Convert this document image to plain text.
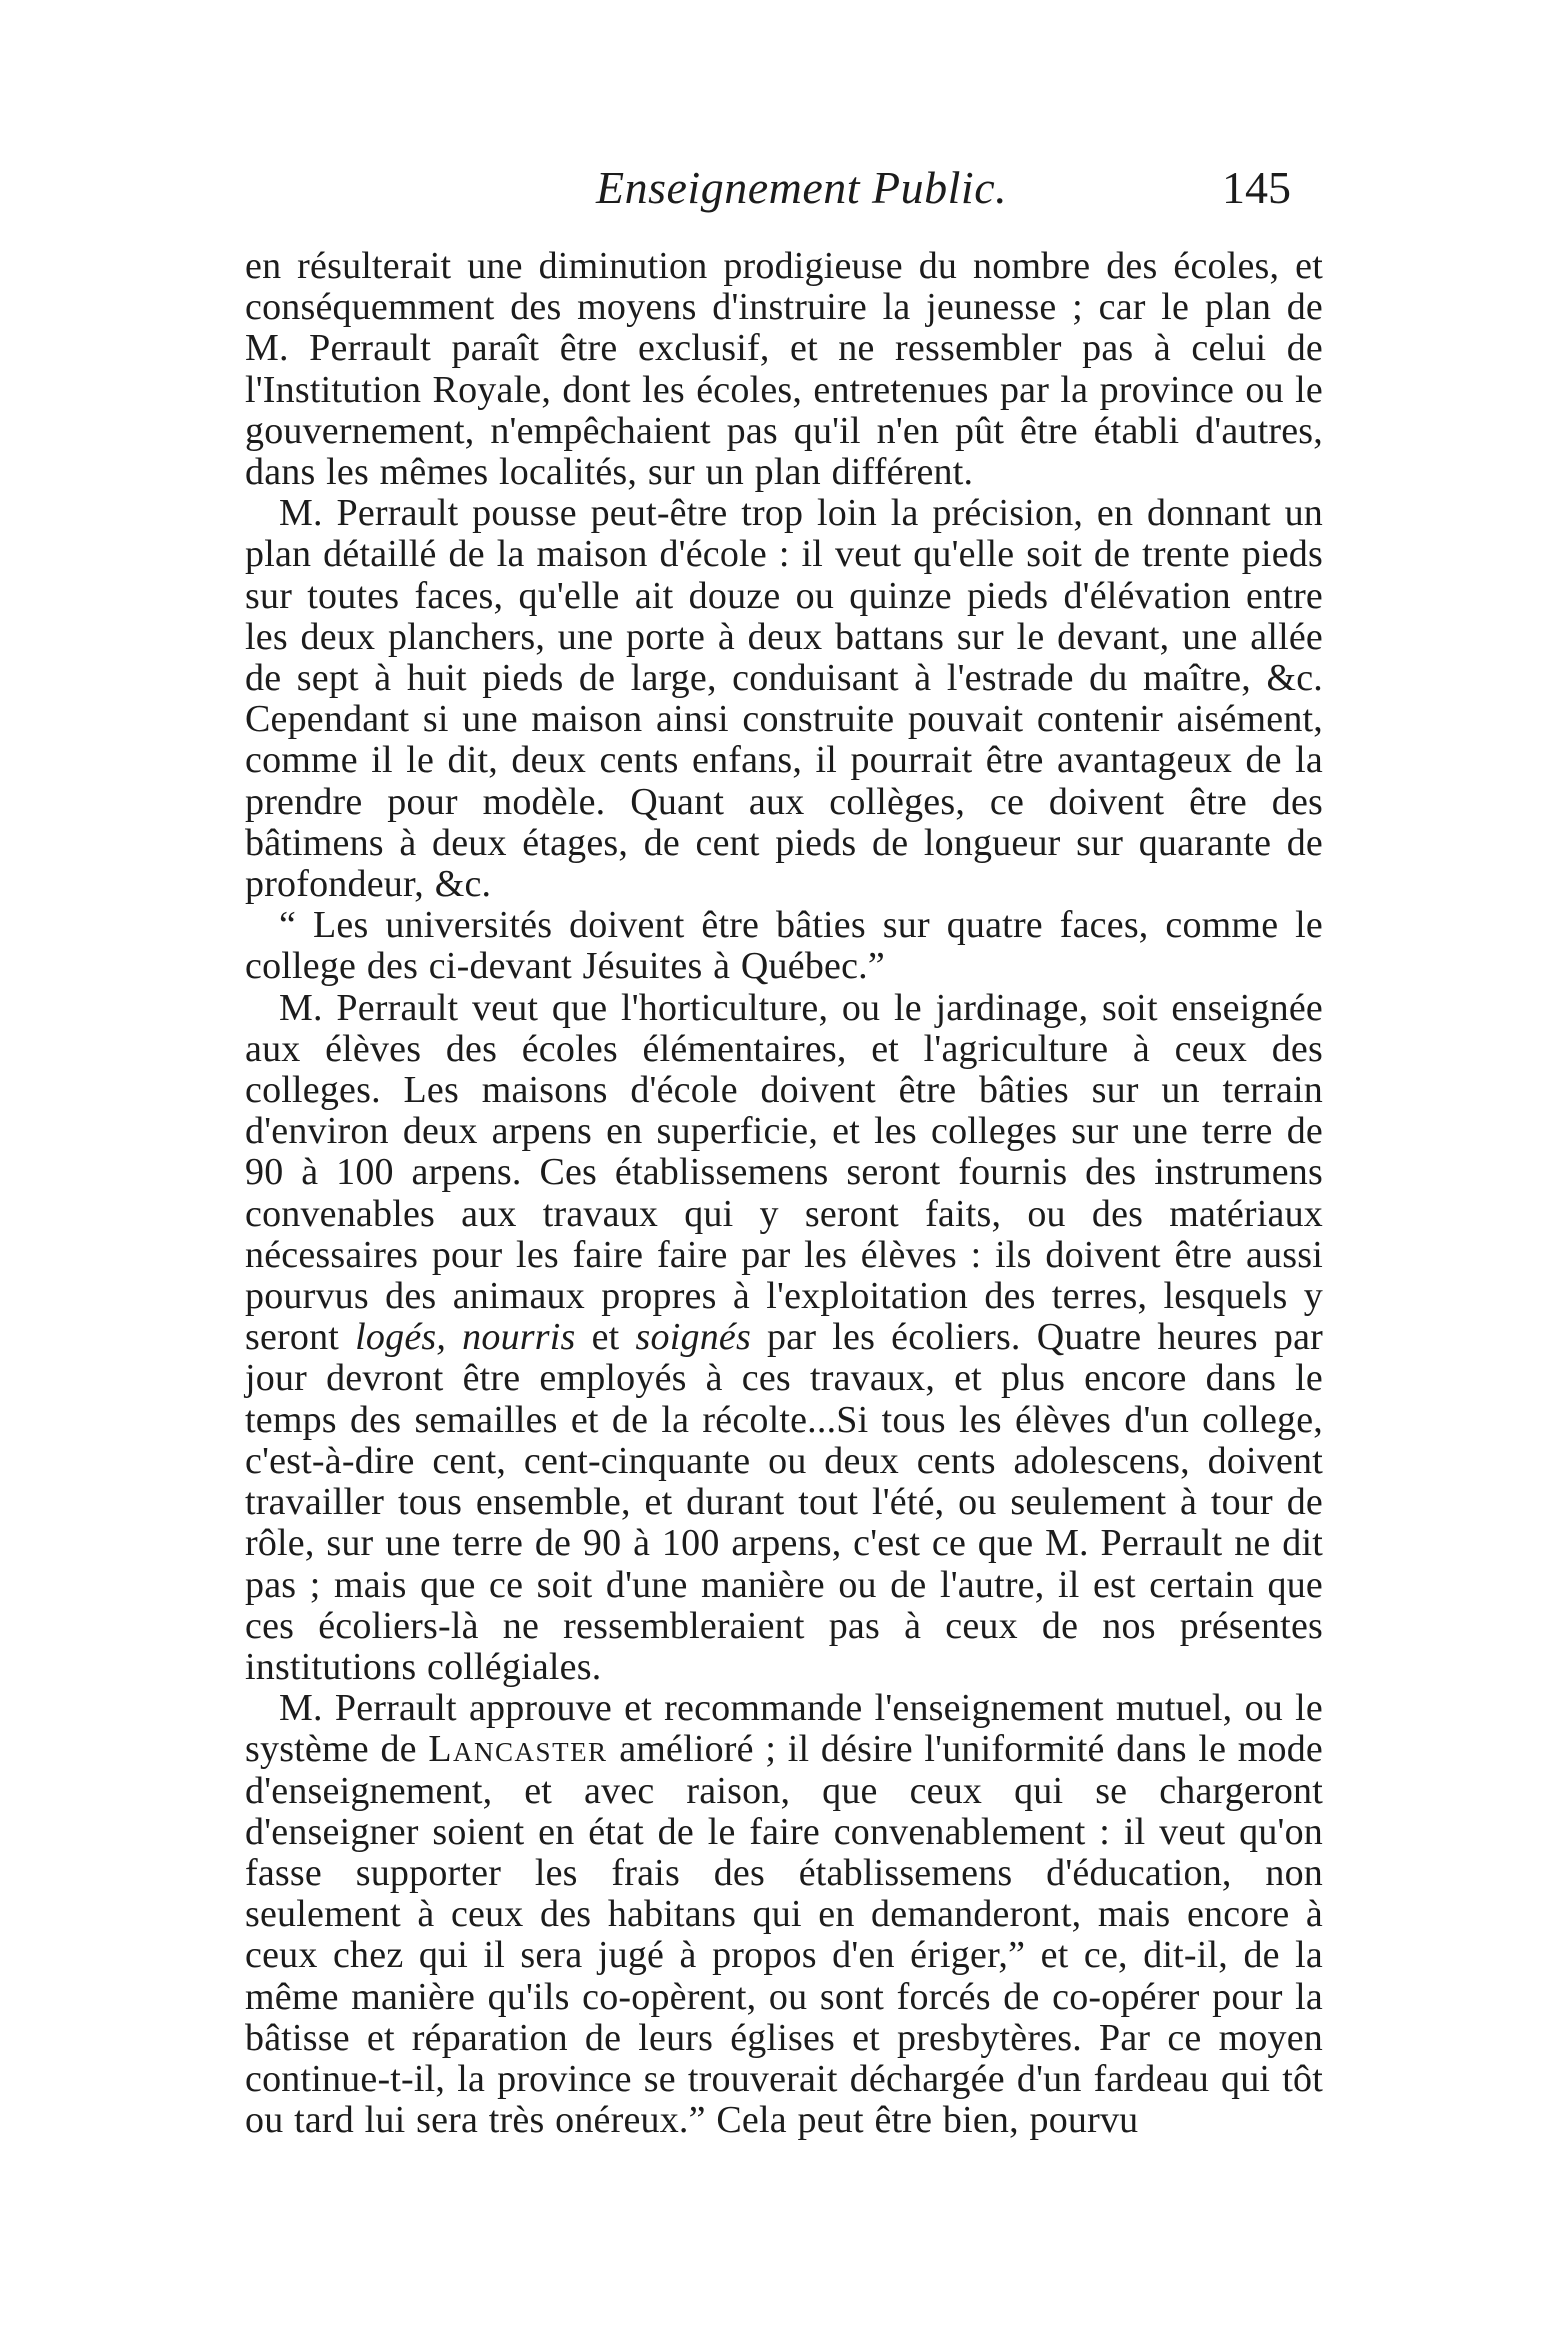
Enseignement Public.	145

en résulterait une diminution prodigieuse du nombre des écoles, et conséquemment des moyens d'instruire la jeunesse ; car le plan de M. Perrault paraît être exclusif, et ne ressembler pas à celui de l'Institution Royale, dont les écoles, entretenues par la province ou le gouvernement, n'empêchaient pas qu'il n'en pût être établi d'autres, dans les mêmes localités, sur un plan différent.

M. Perrault pousse peut-être trop loin la précision, en donnant un plan détaillé de la maison d'école : il veut qu'elle soit de trente pieds sur toutes faces, qu'elle ait douze ou quinze pieds d'élévation entre les deux planchers, une porte à deux battans sur le devant, une allée de sept à huit pieds de large, conduisant à l'estrade du maître, &c. Cependant si une maison ainsi construite pouvait contenir aisément, comme il le dit, deux cents enfans, il pourrait être avantageux de la prendre pour modèle. Quant aux collèges, ce doivent être des bâtimens à deux étages, de cent pieds de longueur sur quarante de profondeur, &c.

“ Les universités doivent être bâties sur quatre faces, comme le college des ci-devant Jésuites à Québec.”

M. Perrault veut que l'horticulture, ou le jardinage, soit enseignée aux élèves des écoles élémentaires, et l'agriculture à ceux des colleges. Les maisons d'école doivent être bâties sur un terrain d'environ deux arpens en superficie, et les colleges sur une terre de 90 à 100 arpens. Ces établissemens seront fournis des instrumens convenables aux travaux qui y seront faits, ou des matériaux nécessaires pour les faire faire par les élèves : ils doivent être aussi pourvus des animaux propres à l'exploitation des terres, lesquels y seront logés, nourris et soignés par les écoliers. Quatre heures par jour devront être employés à ces travaux, et plus encore dans le temps des semailles et de la récolte...Si tous les élèves d'un college, c'est-à-dire cent, cent-cinquante ou deux cents adolescens, doivent travailler tous ensemble, et durant tout l'été, ou seulement à tour de rôle, sur une terre de 90 à 100 arpens, c'est ce que M. Perrault ne dit pas ; mais que ce soit d'une manière ou de l'autre, il est certain que ces écoliers-là ne ressembleraient pas à ceux de nos présentes institutions collégiales.

M. Perrault approuve et recommande l'enseignement mutuel, ou le système de Lancaster amélioré ; il désire l'uniformité dans le mode d'enseignement, et avec raison, que ceux qui se chargeront d'enseigner soient en état de le faire convenablement : il veut qu'on fasse supporter les frais des établissemens d'éducation, non seulement à ceux des habitans qui en demanderont, mais encore à ceux chez qui il sera jugé à propos d'en ériger,” et ce, dit-il, de la même manière qu'ils co-opèrent, ou sont forcés de co-opérer pour la bâtisse et réparation de leurs églises et presbytères. Par ce moyen continue-t-il, la province se trouverait déchargée d'un fardeau qui tôt ou tard lui sera très onéreux.” Cela peut être bien, pourvu
